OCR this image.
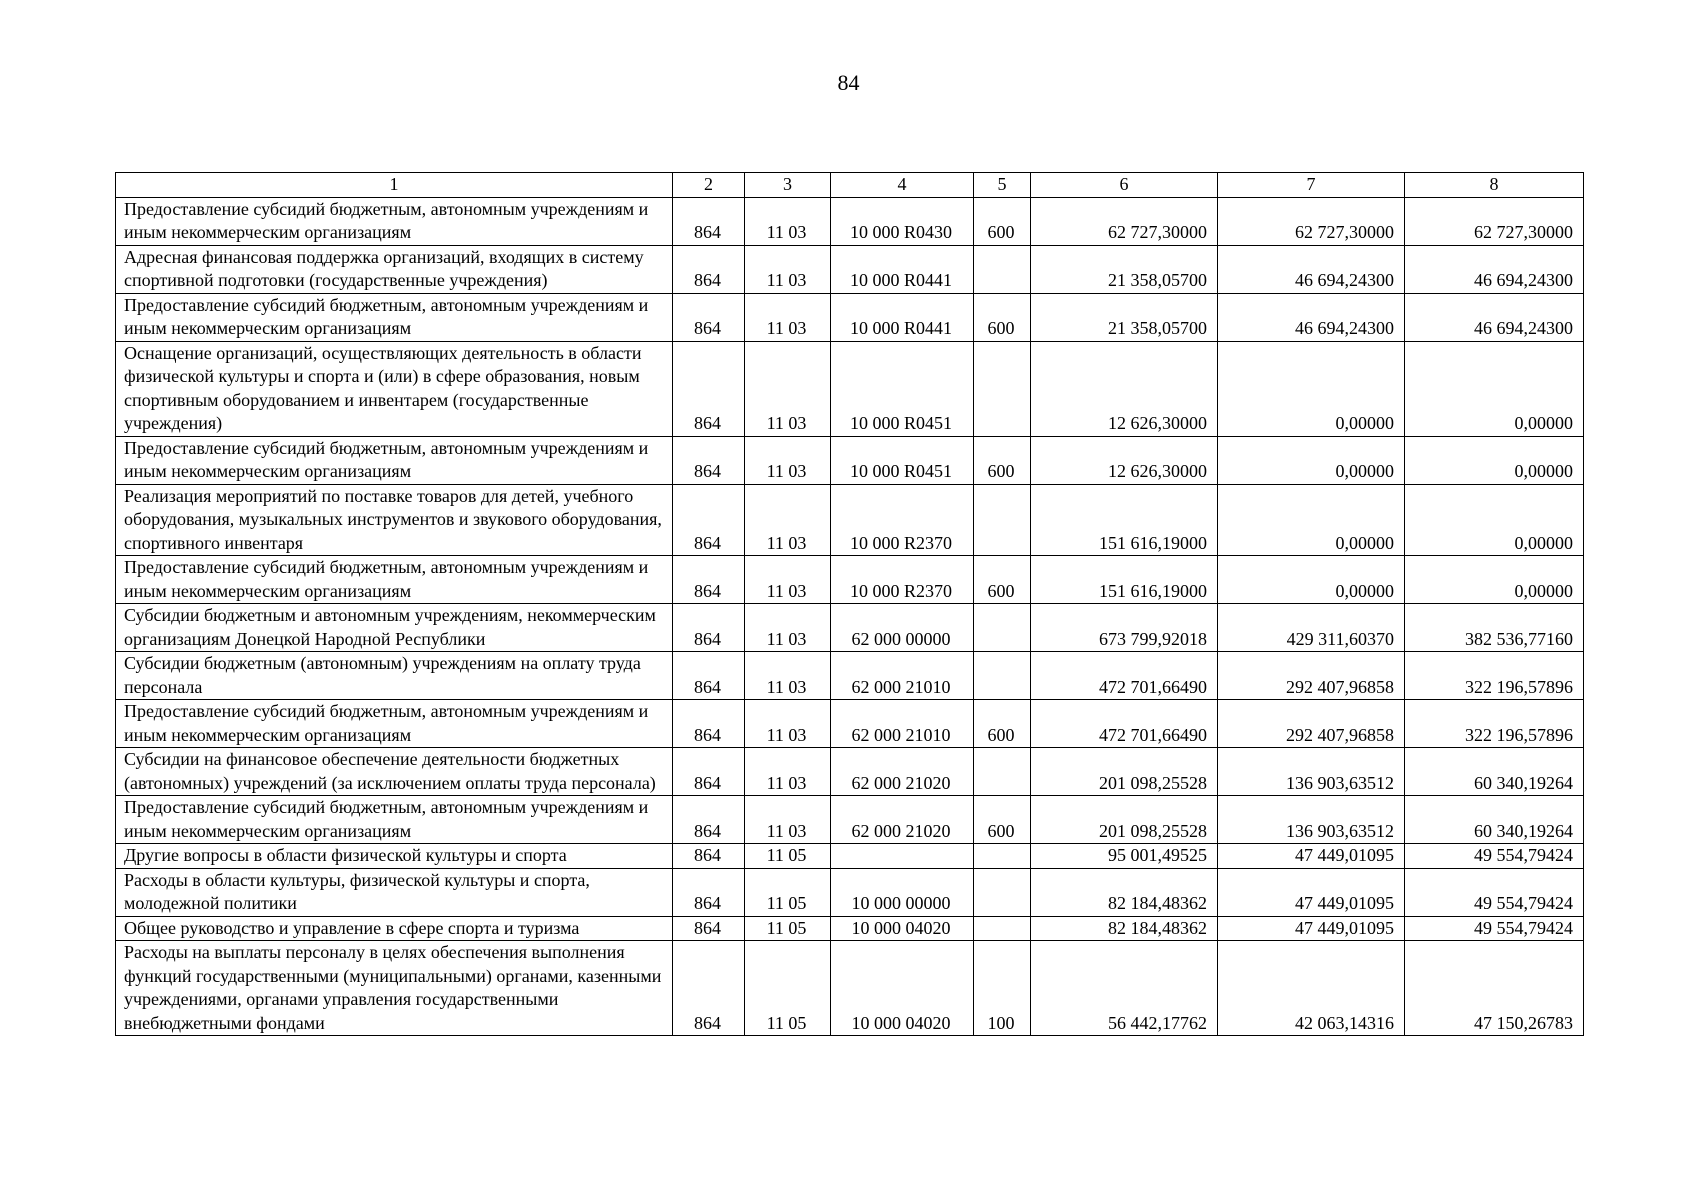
84
1	2	3	4	5	6	7	8
Предоставление субсидий бюджетным, автономным учреждениям и иным некоммерческим организациям	864	11 03	10 000 R0430	600	62 727,30000	62 727,30000	62 727,30000
Адресная финансовая поддержка организаций, входящих в систему спортивной подготовки (государственные учреждения)	864	11 03	10 000 R0441		21 358,05700	46 694,24300	46 694,24300
Предоставление субсидий бюджетным, автономным учреждениям и иным некоммерческим организациям	864	11 03	10 000 R0441	600	21 358,05700	46 694,24300	46 694,24300
Оснащение организаций, осуществляющих деятельность в области физической культуры и спорта и (или) в сфере образования, новым спортивным оборудованием и инвентарем (государственные учреждения)	864	11 03	10 000 R0451		12 626,30000	0,00000	0,00000
Предоставление субсидий бюджетным, автономным учреждениям и иным некоммерческим организациям	864	11 03	10 000 R0451	600	12 626,30000	0,00000	0,00000
Реализация мероприятий по поставке товаров для детей, учебного оборудования, музыкальных инструментов и звукового оборудования, спортивного инвентаря	864	11 03	10 000 R2370		151 616,19000	0,00000	0,00000
Предоставление субсидий бюджетным, автономным учреждениям и иным некоммерческим организациям	864	11 03	10 000 R2370	600	151 616,19000	0,00000	0,00000
Субсидии бюджетным и автономным учреждениям, некоммерческим организациям Донецкой Народной Республики	864	11 03	62 000 00000		673 799,92018	429 311,60370	382 536,77160
Субсидии бюджетным (автономным) учреждениям на оплату труда персонала	864	11 03	62 000 21010		472 701,66490	292 407,96858	322 196,57896
Предоставление субсидий бюджетным, автономным учреждениям и иным некоммерческим организациям	864	11 03	62 000 21010	600	472 701,66490	292 407,96858	322 196,57896
Субсидии на финансовое обеспечение деятельности бюджетных (автономных) учреждений (за исключением оплаты труда персонала)	864	11 03	62 000 21020		201 098,25528	136 903,63512	60 340,19264
Предоставление субсидий бюджетным, автономным учреждениям и иным некоммерческим организациям	864	11 03	62 000 21020	600	201 098,25528	136 903,63512	60 340,19264
Другие вопросы в области физической культуры и спорта	864	11 05			95 001,49525	47 449,01095	49 554,79424
Расходы в области культуры, физической культуры и спорта, молодежной политики	864	11 05	10 000 00000		82 184,48362	47 449,01095	49 554,79424
Общее руководство и управление в сфере спорта и туризма	864	11 05	10 000 04020		82 184,48362	47 449,01095	49 554,79424
Расходы на выплаты персоналу в целях обеспечения выполнения функций государственными (муниципальными) органами, казенными учреждениями, органами управления государственными внебюджетными фондами	864	11 05	10 000 04020	100	56 442,17762	42 063,14316	47 150,26783
